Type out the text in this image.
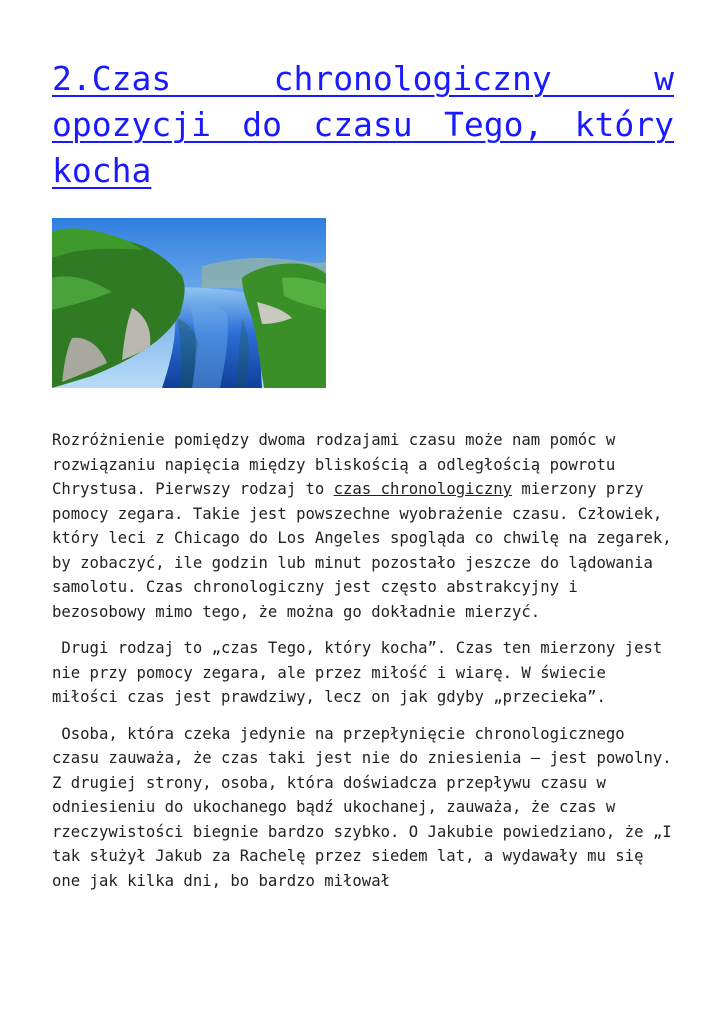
2.Czas chronologiczny w opozycji do czasu Tego, który kocha

Rozróżnienie pomiędzy dwoma rodzajami czasu może nam pomóc w rozwiązaniu napięcia między bliskością a odległością powrotu Chrystusa. Pierwszy rodzaj to czas chronologiczny mierzony przy pomocy zegara. Takie jest powszechne wyobrażenie czasu. Człowiek, który leci z Chicago do Los Angeles spogląda co chwilę na zegarek, by zobaczyć, ile godzin lub minut pozostało jeszcze do lądowania samolotu. Czas chronologiczny jest często abstrakcyjny i bezosobowy mimo tego, że można go dokładnie mierzyć.

Drugi rodzaj to „czas Tego, który kocha”. Czas ten mierzony jest nie przy pomocy zegara, ale przez miłość i wiarę. W świecie miłości czas jest prawdziwy, lecz on jak gdyby „przecieka”.

Osoba, która czeka jedynie na przepłynięcie chronologicznego czasu zauważa, że czas taki jest nie do zniesienia – jest powolny. Z drugiej strony, osoba, która doświadcza przepływu czasu w odniesieniu do ukochanego bądź ukochanej, zauważa, że czas w rzeczywistości biegnie bardzo szybko. O Jakubie powiedziano, że „I tak służył Jakub za Rachelę przez siedem lat, a wydawały mu się one jak kilka dni, bo bardzo miłował
